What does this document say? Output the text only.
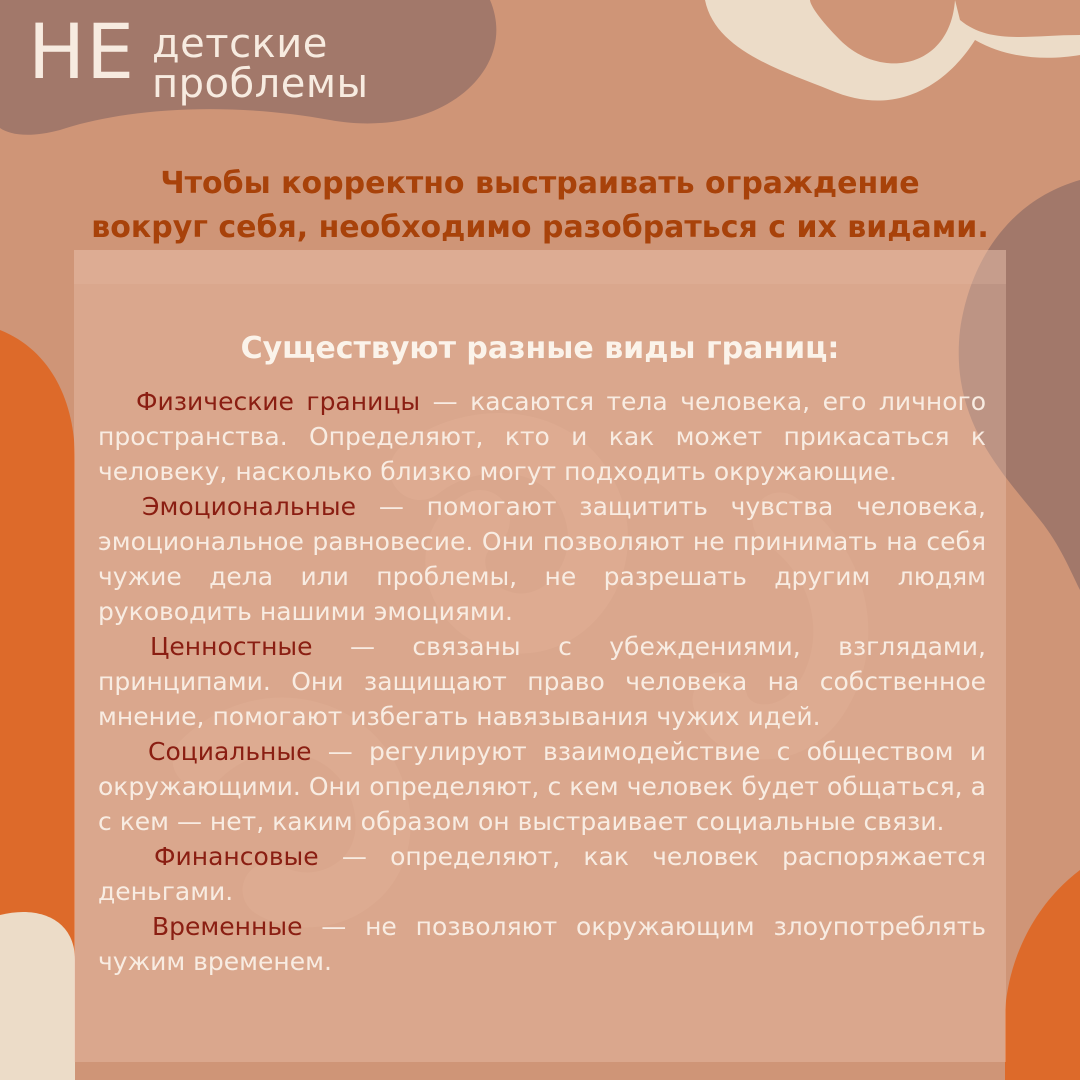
НЕ детские
проблемы
Чтобы корректно выстраивать ограждение
вокруг себя, необходимо разобраться с их видами.
Существуют разные виды границ:

Физические границы — касаются тела человека, его личного пространства. Определяют, кто и как может прикасаться к человеку, насколько близко могут подходить окружающие.

Эмоциональные — помогают защитить чувства человека, эмоциональное равновесие. Они позволяют не принимать на себя чужие дела или проблемы, не разрешать другим людям руководить нашими эмоциями.

Ценностные — связаны с убеждениями, взглядами, принципами. Они защищают право человека на собственное мнение, помогают избегать навязывания чужих идей.

Социальные — регулируют взаимодействие с обществом и окружающими. Они определяют, с кем человек будет общаться, а с кем — нет, каким образом он выстраивает социальные связи.

Финансовые — определяют, как человек распоряжается деньгами.

Временные — не позволяют окружающим злоупотреблять чужим временем.
